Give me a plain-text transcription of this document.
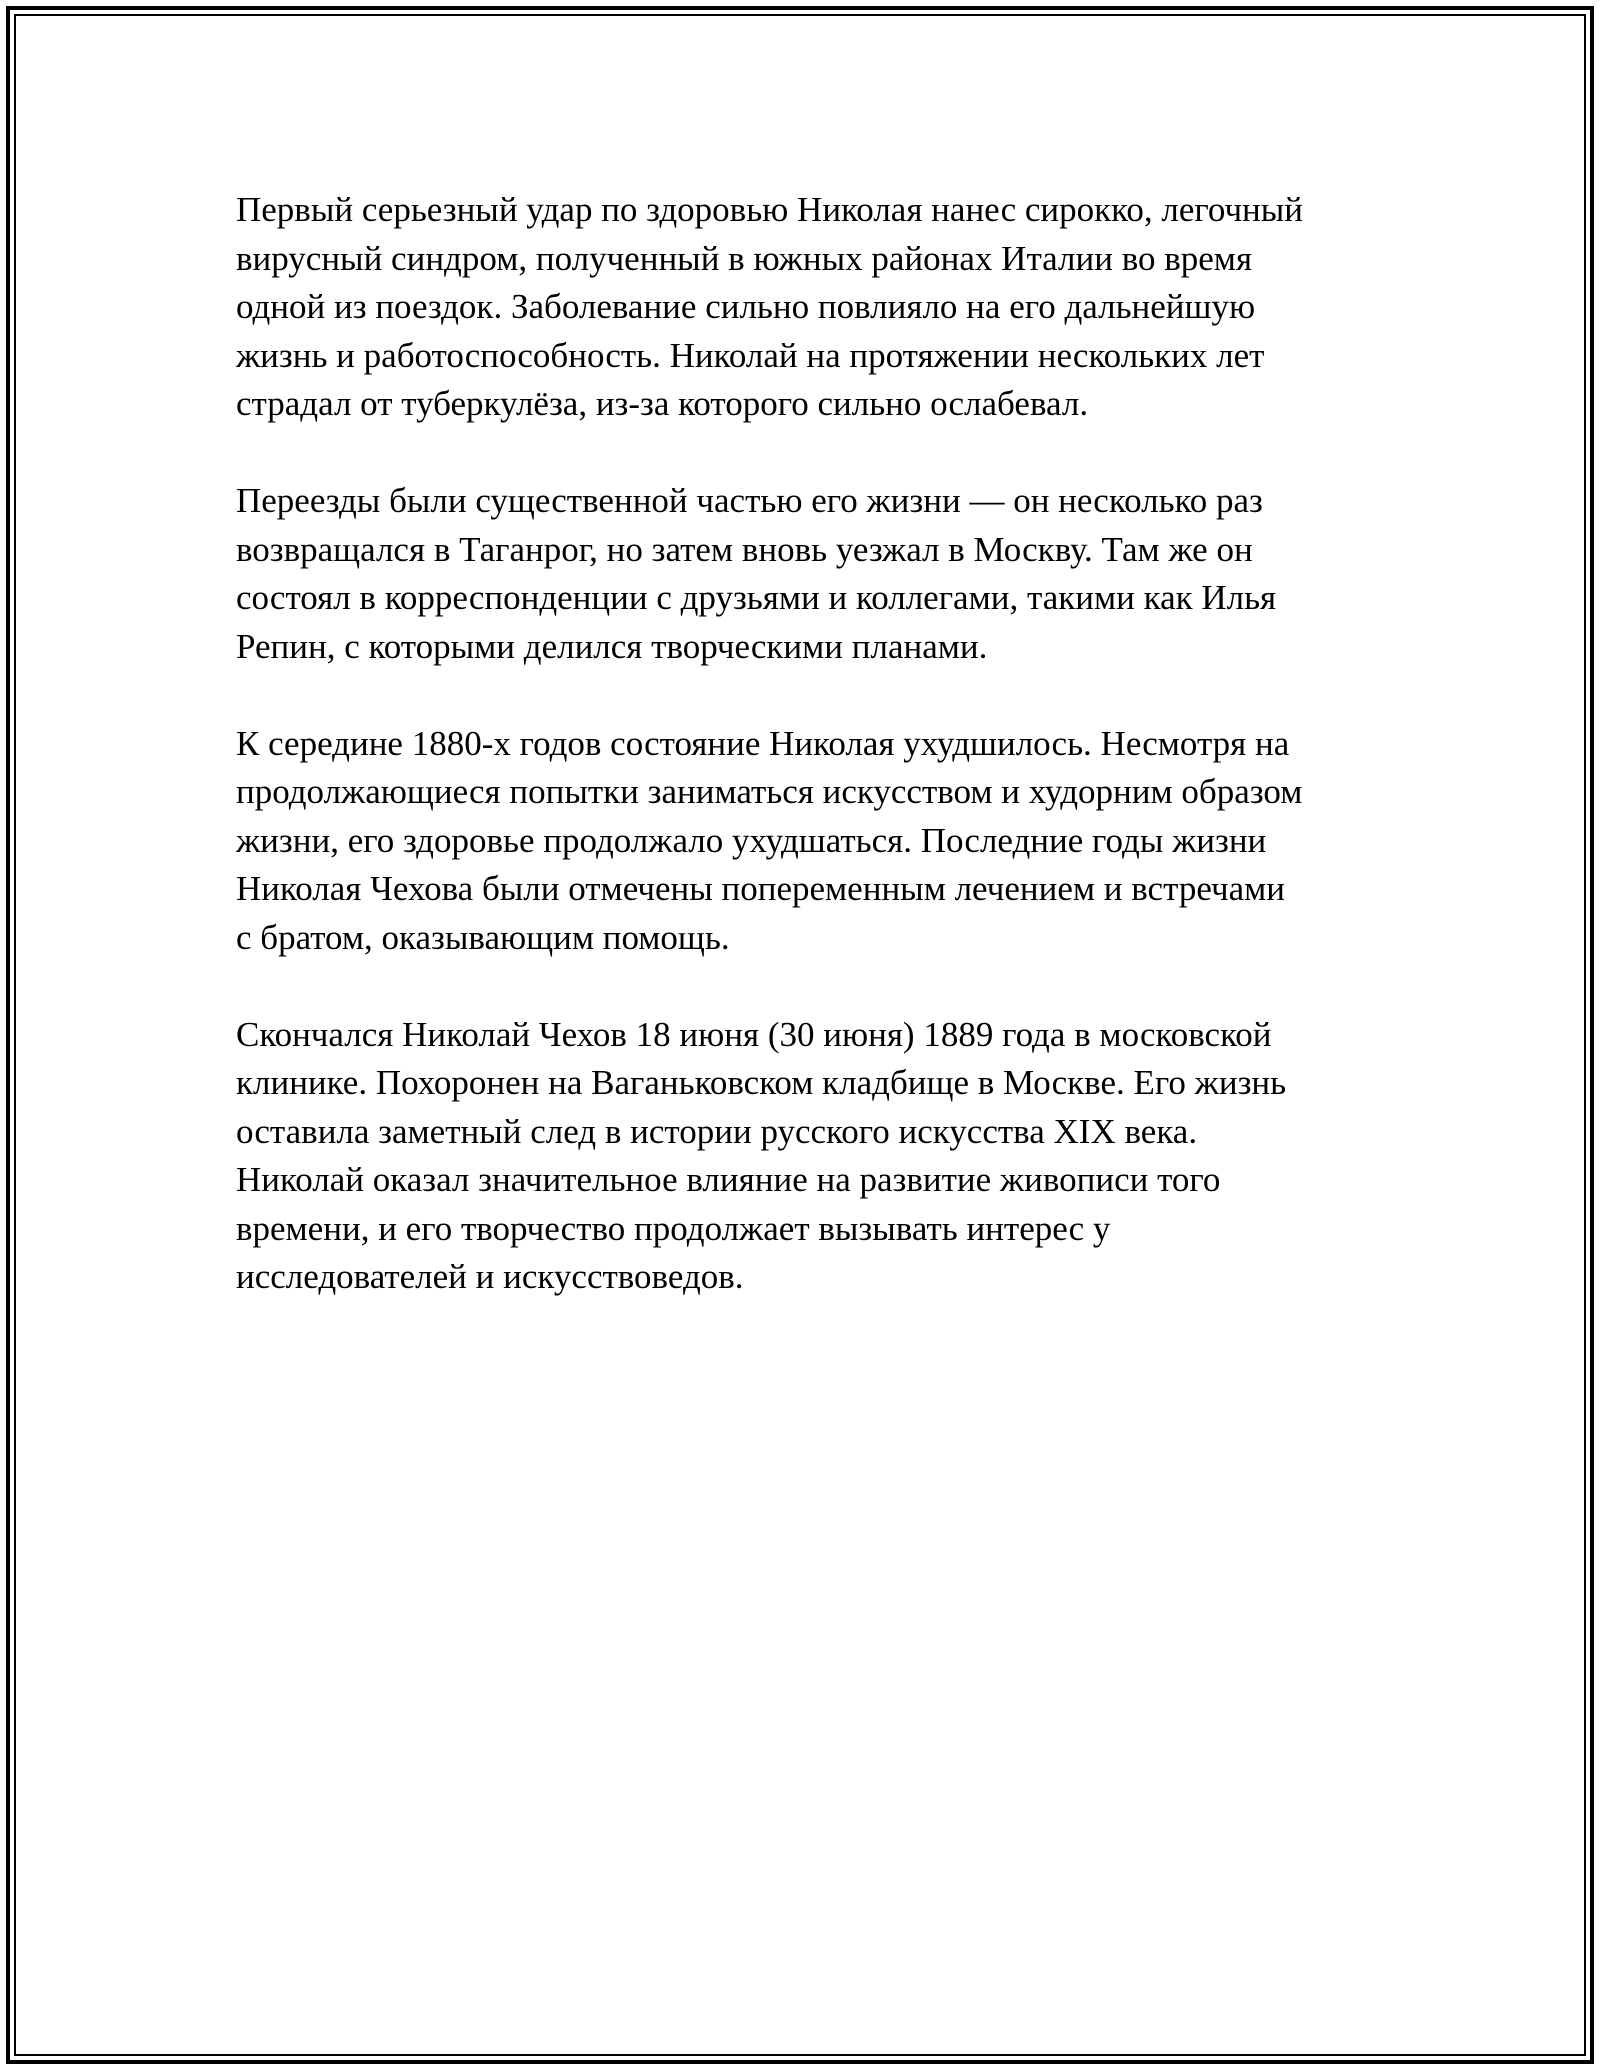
Первый серьезный удар по здоровью Николая нанес сирокко, легочный
вирусный синдром, полученный в южных районах Италии во время
одной из поездок. Заболевание сильно повлияло на его дальнейшую
жизнь и работоспособность. Николай на протяжении нескольких лет
страдал от туберкулёза, из-за которого сильно ослабевал.

Переезды были существенной частью его жизни — он несколько раз
возвращался в Таганрог, но затем вновь уезжал в Москву. Там же он
состоял в корреспонденции с друзьями и коллегами, такими как Илья
Репин, с которыми делился творческими планами.

К середине 1880-х годов состояние Николая ухудшилось. Несмотря на
продолжающиеся попытки заниматься искусством и худорним образом
жизни, его здоровье продолжало ухудшаться. Последние годы жизни
Николая Чехова были отмечены попеременным лечением и встречами
с братом, оказывающим помощь.

Скончался Николай Чехов 18 июня (30 июня) 1889 года в московской
клинике. Похоронен на Ваганьковском кладбище в Москве. Его жизнь
оставила заметный след в истории русского искусства XIX века.
Николай оказал значительное влияние на развитие живописи того
времени, и его творчество продолжает вызывать интерес у
исследователей и искусствоведов.
